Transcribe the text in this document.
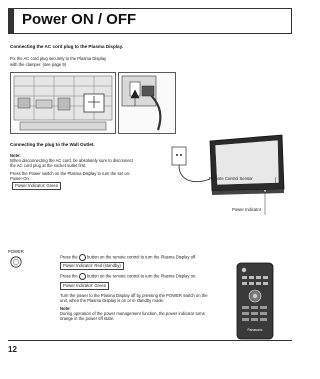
Power ON / OFF
Connecting the AC cord plug to the Plasma Display.
Fix the AC cord plug securely to the Plasma Display
with the clamper. (see page 9)
Connecting the plug to the Wall Outlet.
Note:
When disconnecting the AC cord, be absolutely sure to disconnect
the AC cord plug at the socket outlet first.
Press the Power switch on the Plasma Display to turn the set on:
Power-On.
Power Indicator: Green
Remote Control Sensor
Power Indicator
POWER
Press the button on the remote control to turn the Plasma Display off.
Power Indicator: Red (standby)
Press the button on the remote control to turn the Plasma Display on.
Power Indicator: Green
Turn the power to the Plasma Display off by pressing the POWER switch on the
unit, when the Plasma Display is on or in standby mode.
Note:
During operation of the power management function, the power indicator turns
orange in the power off state.
Panasonic
12
